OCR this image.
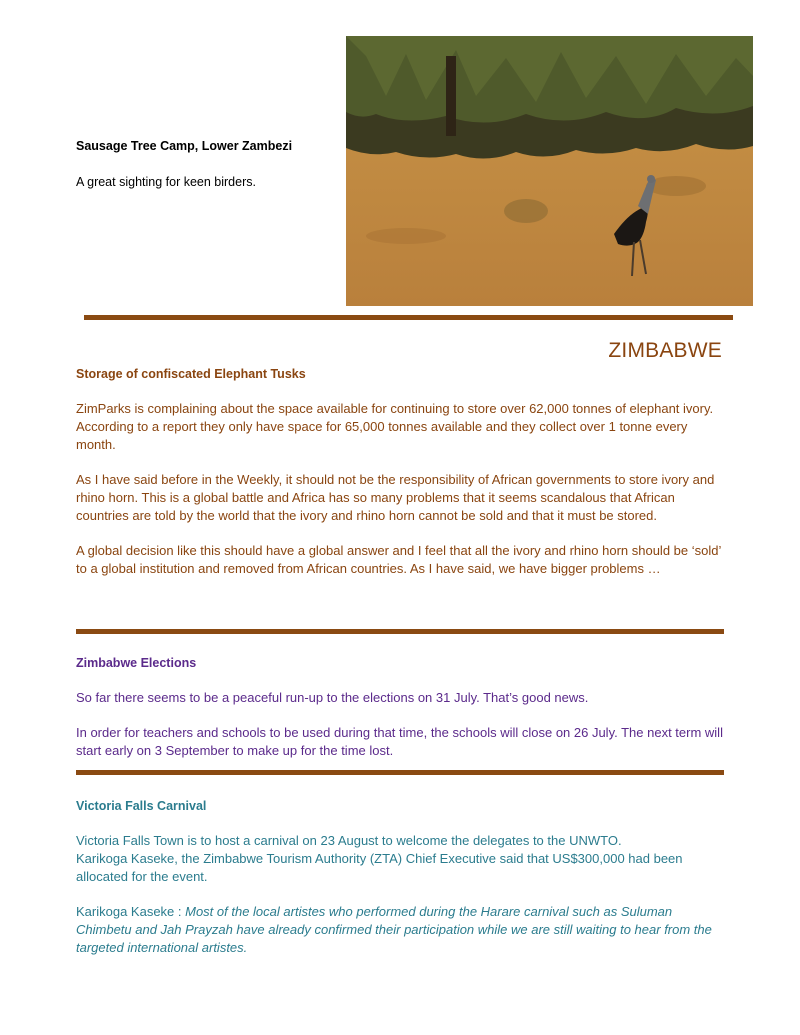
Sausage Tree Camp, Lower Zambezi
A great sighting for keen birders.
ZIMBABWE
Storage of confiscated Elephant Tusks
ZimParks is complaining about the space available for continuing to store over 62,000 tonnes of elephant ivory. According to a report they only have space for 65,000 tonnes available and they collect over 1 tonne every month.
As I have said before in the Weekly, it should not be the responsibility of African governments to store ivory and rhino horn. This is a global battle and Africa has so many problems that it seems scandalous that African countries are told by the world that the ivory and rhino horn cannot be sold and that it must be stored.
A global decision like this should have a global answer and I feel that all the ivory and rhino horn should be ‘sold’ to a global institution and removed from African countries. As I have said, we have bigger problems …
Zimbabwe Elections
So far there seems to be a peaceful run-up to the elections on 31 July. That’s good news.
In order for teachers and schools to be used during that time, the schools will close on 26 July. The next term will start early on 3 September to make up for the time lost.
Victoria Falls Carnival
Victoria Falls Town is to host a carnival on 23 August to welcome the delegates to the UNWTO.
Karikoga Kaseke, the Zimbabwe Tourism Authority (ZTA) Chief Executive said that US$300,000 had been allocated for the event.
Karikoga Kaseke : Most of the local artistes who performed during the Harare carnival such as Suluman Chimbetu and Jah Prayzah have already confirmed their participation while we are still waiting to hear from the targeted international artistes.
